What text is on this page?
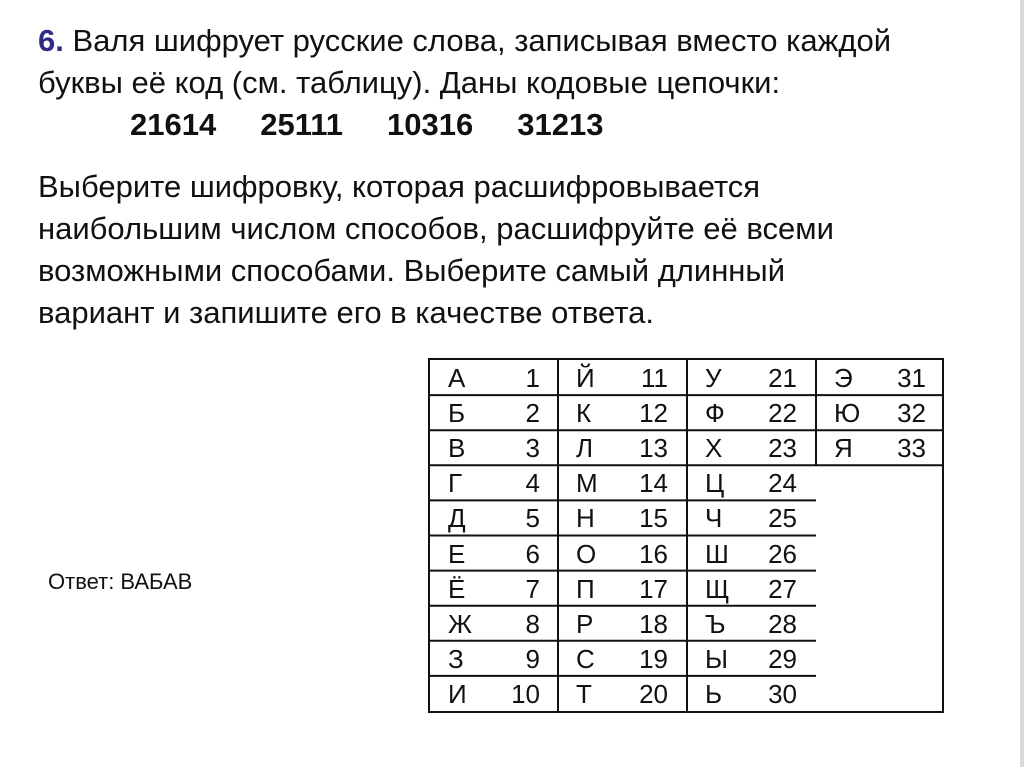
6. Валя шифрует русские слова, записывая вместо каждой
буквы её код (см. таблицу). Даны кодовые цепочки:
21614 25111 10316 31213
Выберите шифровку, которая расшифровывается
наибольшим числом способов, расшифруйте её всеми
возможными способами. Выберите самый длинный
вариант и запишите его в качестве ответа.
Ответ: ВАБАВ
А	1 Й	11 У	21 Э	31
Б	2 К	12 Ф	22 Ю	32
В	3 Л	13 Х	23 Я	33
Г	4 М	14 Ц	24
Д	5 Н	15 Ч	25
Е	6 О	16 Ш	26
Ё	7 П	17 Щ	27
Ж	8 Р	18 Ъ	28
З	9 С	19 Ы	29
И	10 Т	20 Ь	30
